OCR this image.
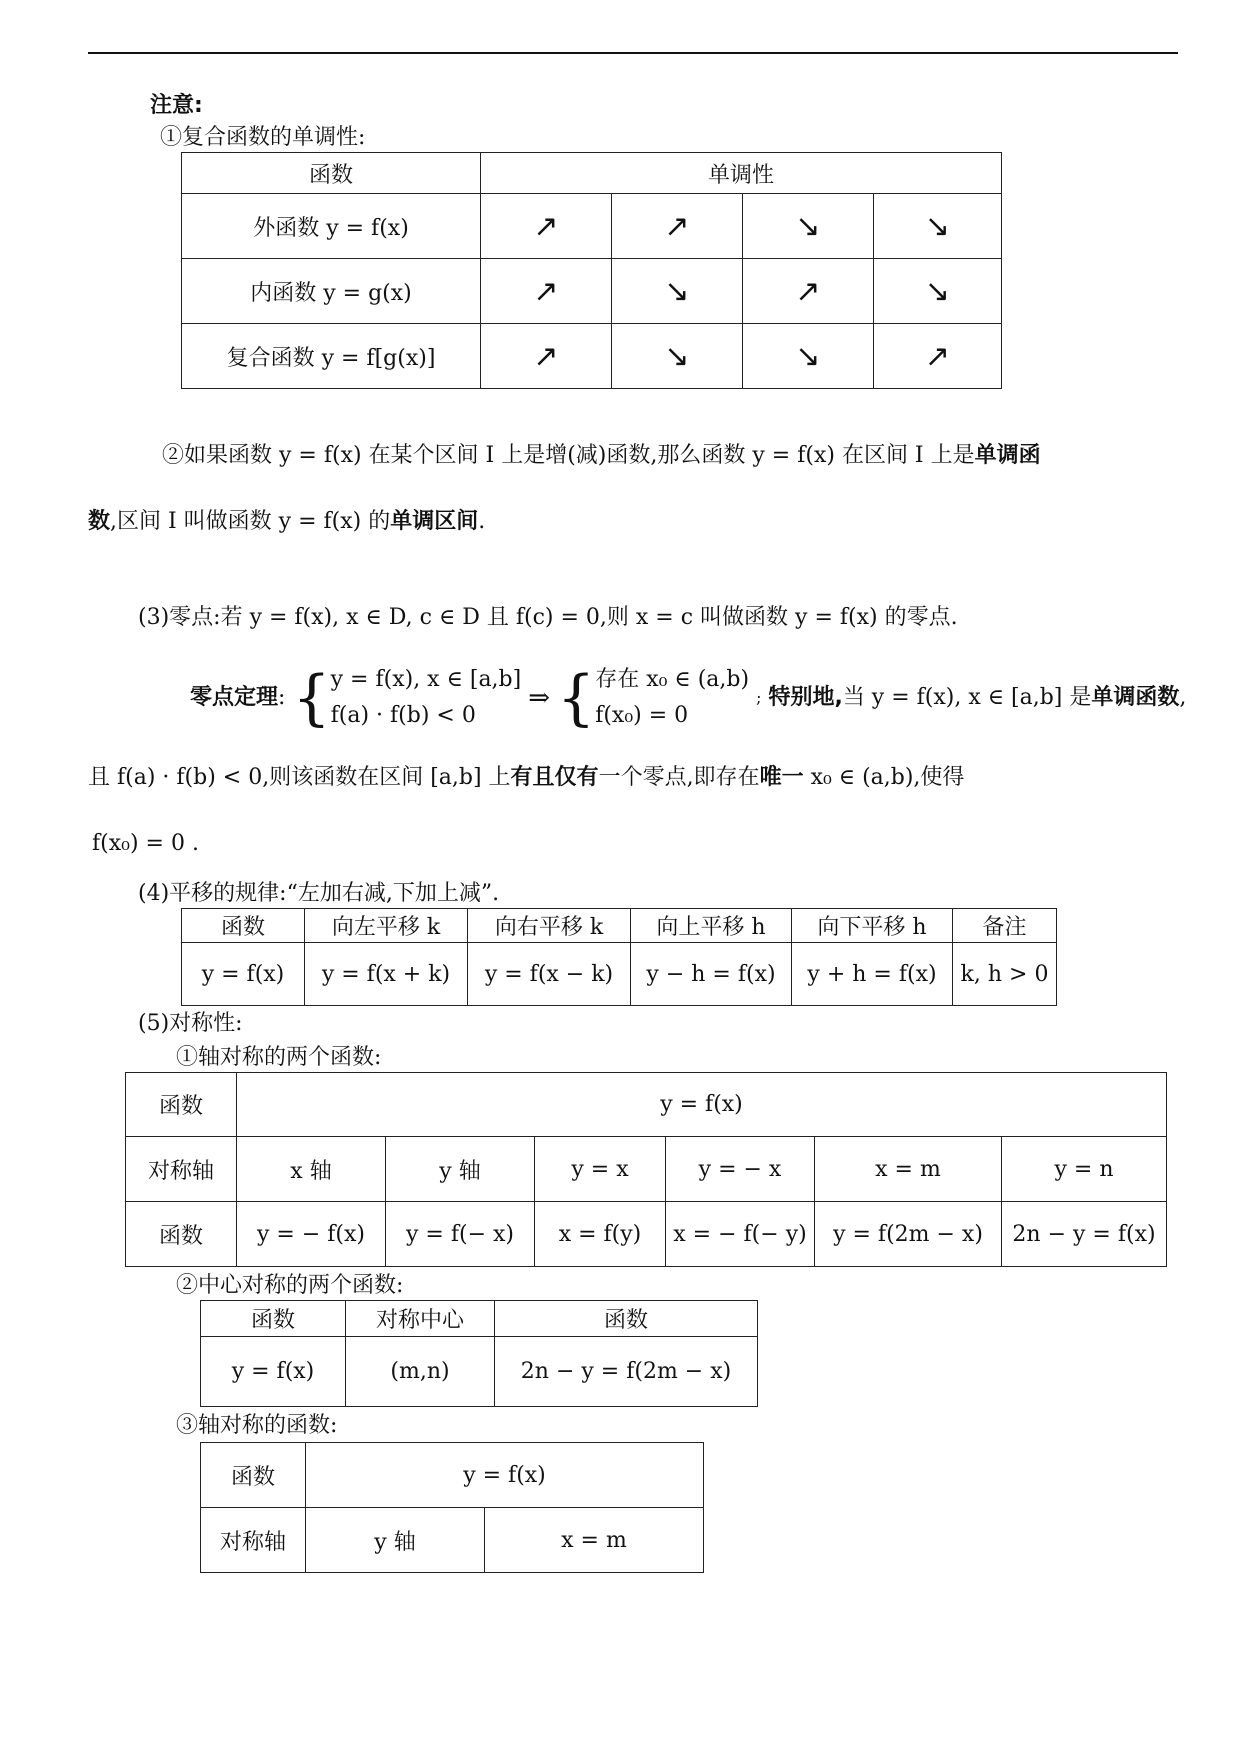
注意:
①复合函数的单调性:
函数	单调性			
外函数 y = f(x)	↗	↗	↘	↘
内函数 y = g(x)	↗	↘	↗	↘
复合函数 y = f[g(x)]	↗	↘	↘	↗
②如果函数 y = f(x) 在某个区间 I 上是增(减)函数,那么函数 y = f(x) 在区间 I 上是单调函
数,区间 I 叫做函数 y = f(x) 的单调区间.
(3)零点:若 y = f(x), x ∈ D, c ∈ D 且 f(c) = 0,则 x = c 叫做函数 y = f(x) 的零点.
零点定理: {y = f(x), x ∈ [a,b]
f(a) · f(b) < 0 ⇒ {存在 x₀ ∈ (a,b)
f(x₀) = 0 ; 特别地,当 y = f(x), x ∈ [a,b] 是单调函数,
且 f(a) · f(b) < 0,则该函数在区间 [a,b] 上有且仅有一个零点,即存在唯一 x₀ ∈ (a,b),使得
f(x₀) = 0 .
(4)平移的规律:“左加右减,下加上减”.
函数	向左平移 k	向右平移 k	向上平移 h	向下平移 h	备注
y = f(x)	y = f(x + k)	y = f(x − k)	y − h = f(x)	y + h = f(x)	k, h > 0
(5)对称性:
①轴对称的两个函数:
函数	y = f(x)					
对称轴	x 轴	y 轴	y = x	y = − x	x = m	y = n
函数	y = − f(x)	y = f(− x)	x = f(y)	x = − f(− y)	y = f(2m − x)	2n − y = f(x)
②中心对称的两个函数:
函数	对称中心	函数
y = f(x)	(m,n)	2n − y = f(2m − x)
③轴对称的函数:
函数	y = f(x)	
对称轴	y 轴	x = m
